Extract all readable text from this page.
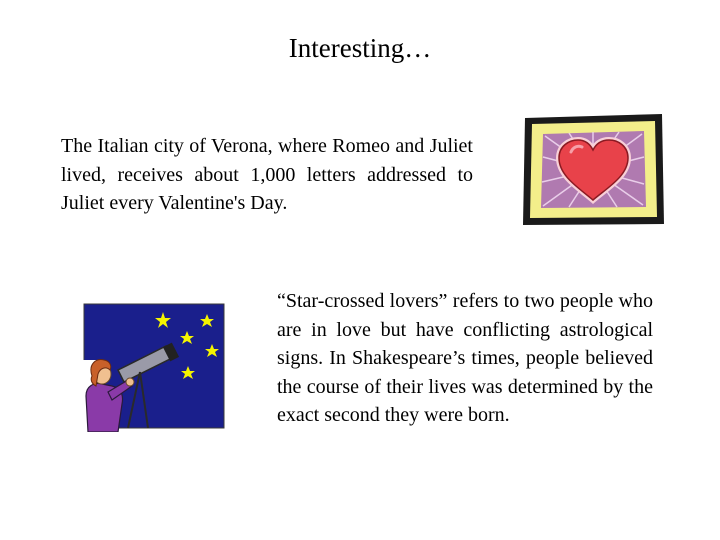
Interesting…

The Italian city of Verona, where Romeo and Juliet lived, receives about 1,000 letters addressed to Juliet every Valentine's Day.

“Star-crossed lovers” refers to two people who are in love but have conflicting astrological signs. In Shakespeare’s times, people believed the course of their lives was determined by the exact second they were born.
